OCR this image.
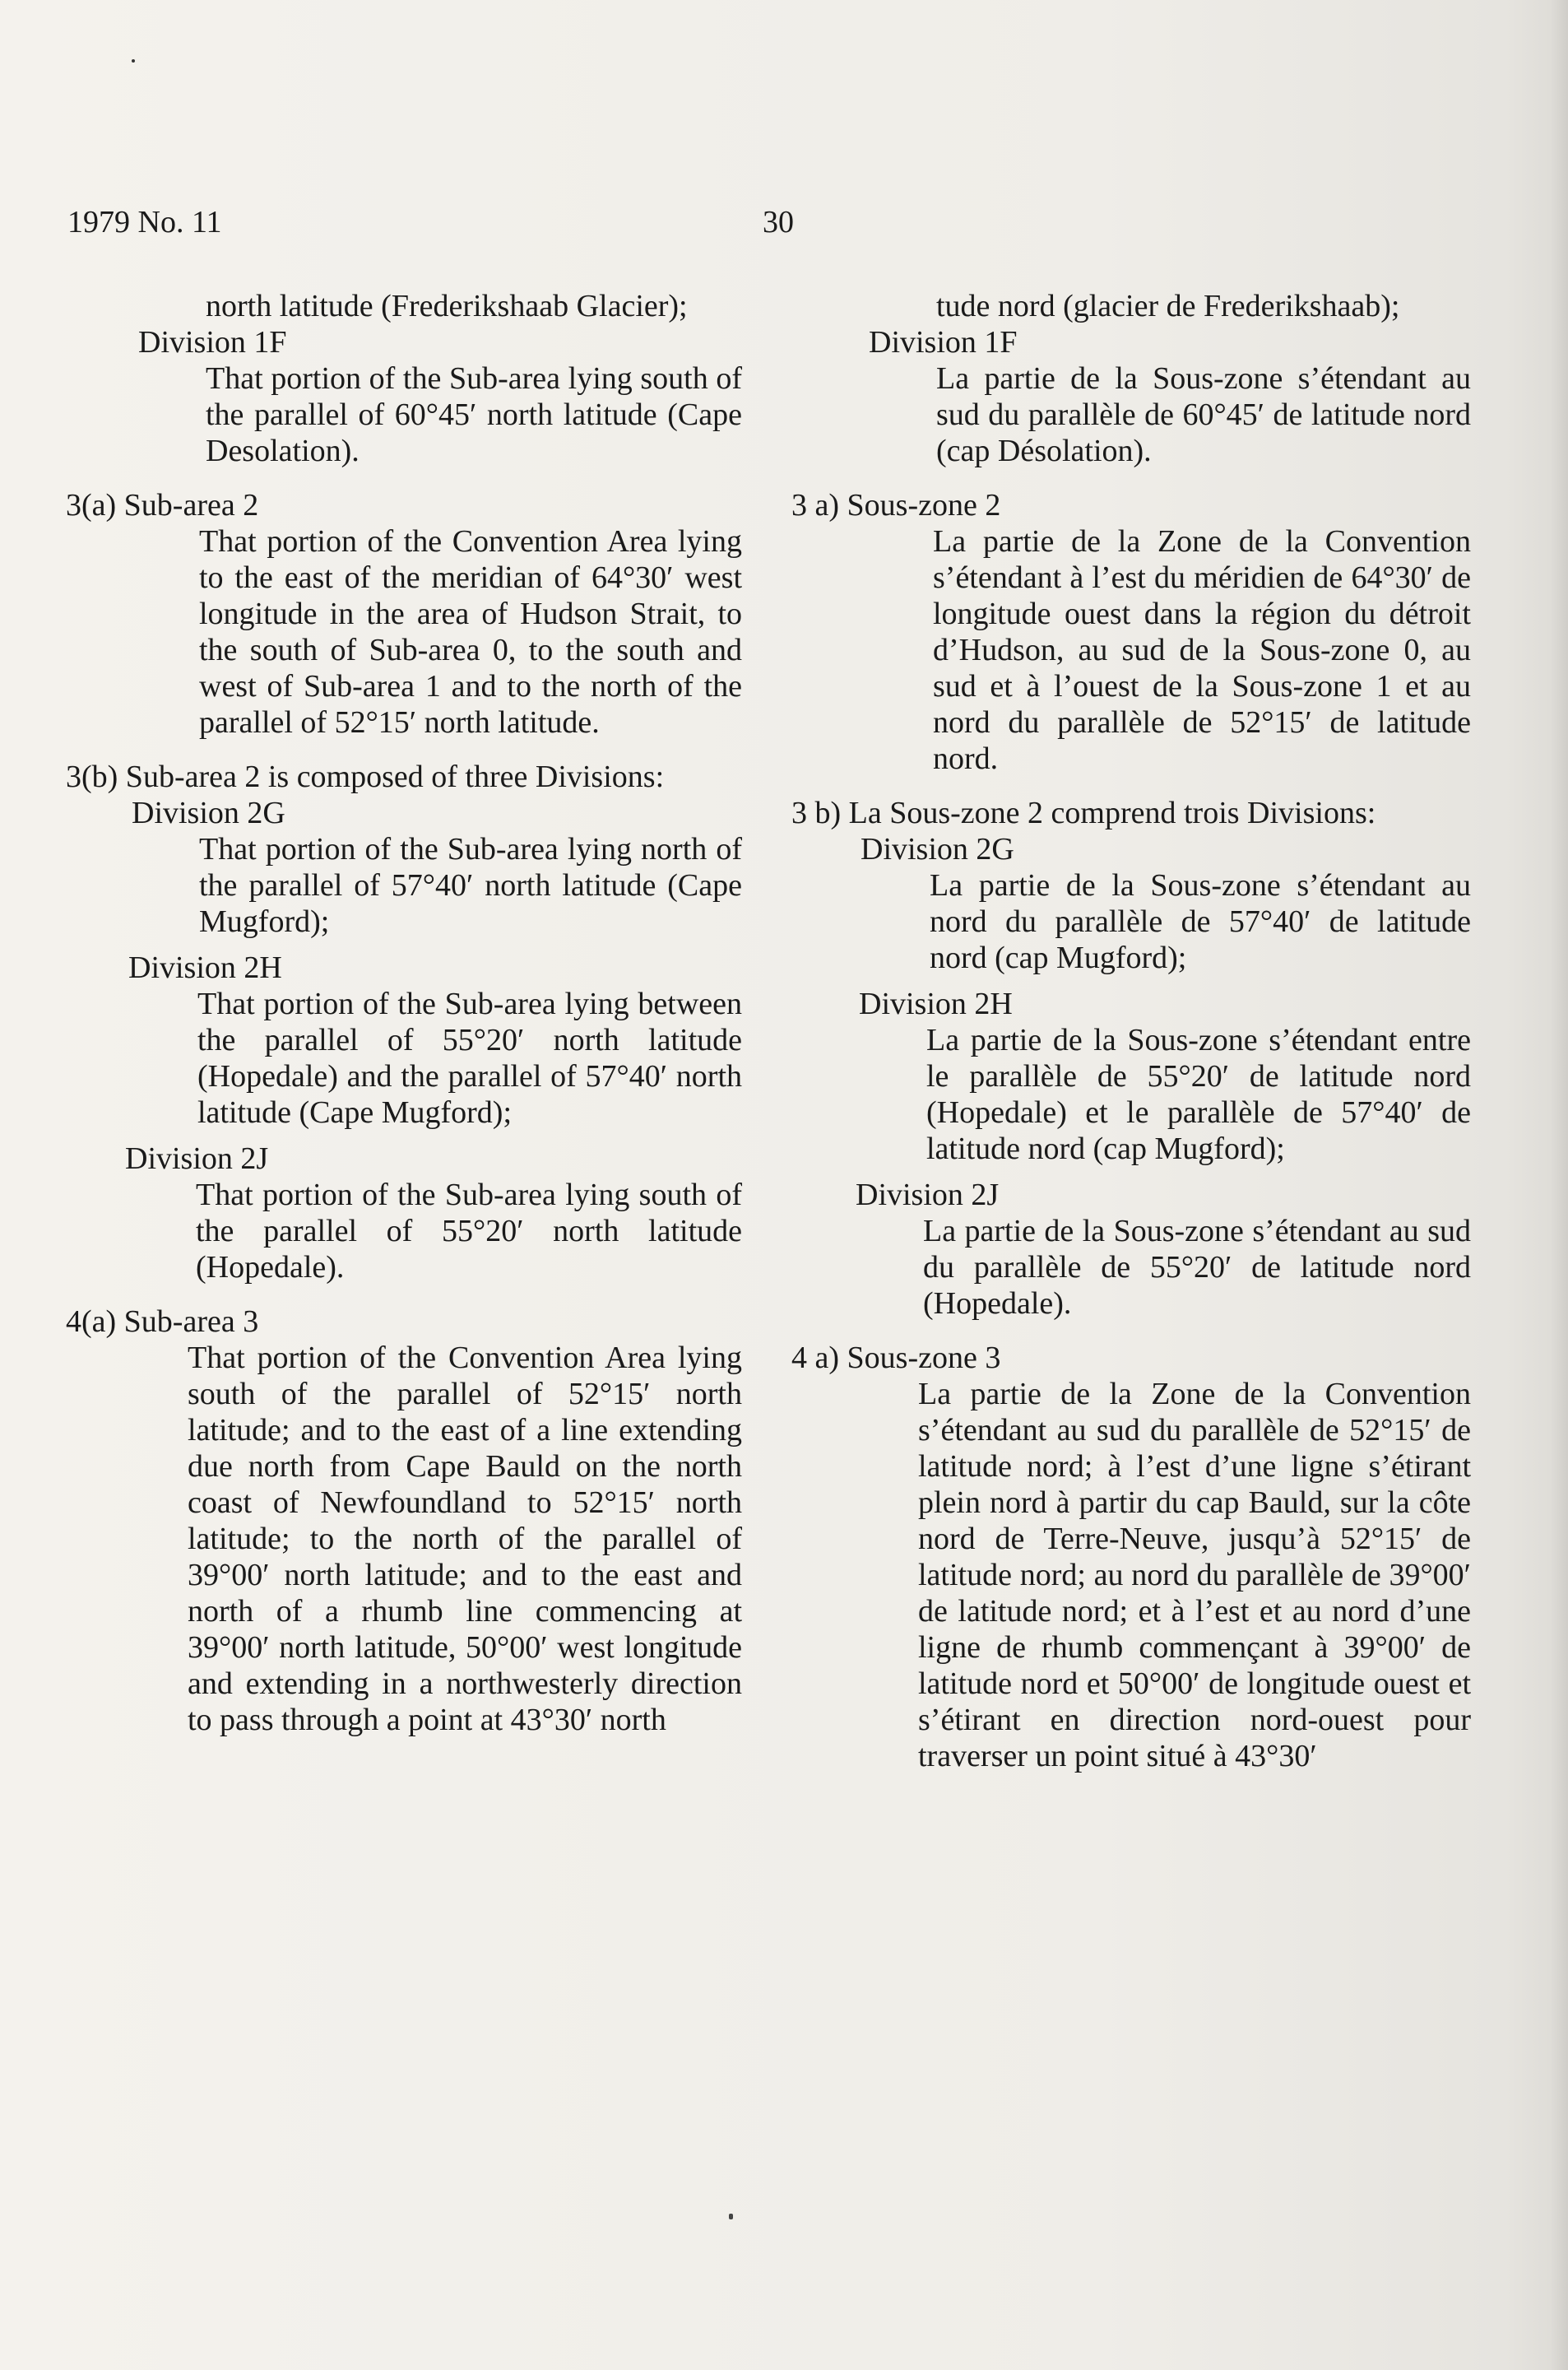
1979 No. 11	30

north latitude (Frederikshaab Glacier);

Division 1F

That portion of the Sub-area lying south of the parallel of 60°45′ north latitude (Cape Desolation).

3(a) Sub-area 2

That portion of the Convention Area lying to the east of the meridian of 64°30′ west longitude in the area of Hudson Strait, to the south of Sub-area 0, to the south and west of Sub-area 1 and to the north of the parallel of 52°15′ north latitude.

3(b) Sub-area 2 is composed of three Divisions:

Division 2G

That portion of the Sub-area lying north of the parallel of 57°40′ north latitude (Cape Mugford);

Division 2H

That portion of the Sub-area lying between the parallel of 55°20′ north latitude (Hopedale) and the parallel of 57°40′ north latitude (Cape Mugford);

Division 2J

That portion of the Sub-area lying south of the parallel of 55°20′ north latitude (Hopedale).

4(a) Sub-area 3

That portion of the Convention Area lying south of the parallel of 52°15′ north latitude; and to the east of a line extending due north from Cape Bauld on the north coast of Newfoundland to 52°15′ north latitude; to the north of the parallel of 39°00′ north latitude; and to the east and north of a rhumb line commencing at 39°00′ north latitude, 50°00′ west longitude and extending in a northwesterly direction to pass through a point at 43°30′ north

tude nord (glacier de Frederikshaab);

Division 1F

La partie de la Sous-zone s’étendant au sud du parallèle de 60°45′ de latitude nord (cap Désolation).

3 a) Sous-zone 2

La partie de la Zone de la Convention s’étendant à l’est du méridien de 64°30′ de longitude ouest dans la région du détroit d’Hudson, au sud de la Sous-zone 0, au sud et à l’ouest de la Sous-zone 1 et au nord du parallèle de 52°15′ de latitude nord.

3 b) La Sous-zone 2 comprend trois Divisions:

Division 2G

La partie de la Sous-zone s’étendant au nord du parallèle de 57°40′ de latitude nord (cap Mugford);

Division 2H

La partie de la Sous-zone s’étendant entre le parallèle de 55°20′ de latitude nord (Hopedale) et le parallèle de 57°40′ de latitude nord (cap Mugford);

Division 2J

La partie de la Sous-zone s’étendant au sud du parallèle de 55°20′ de latitude nord (Hopedale).

4 a) Sous-zone 3

La partie de la Zone de la Convention s’étendant au sud du parallèle de 52°15′ de latitude nord; à l’est d’une ligne s’étirant plein nord à partir du cap Bauld, sur la côte nord de Terre-Neuve, jusqu’à 52°15′ de latitude nord; au nord du parallèle de 39°00′ de latitude nord; et à l’est et au nord d’une ligne de rhumb commençant à 39°00′ de latitude nord et 50°00′ de longitude ouest et s’étirant en direction nord-ouest pour traverser un point situé à 43°30′
